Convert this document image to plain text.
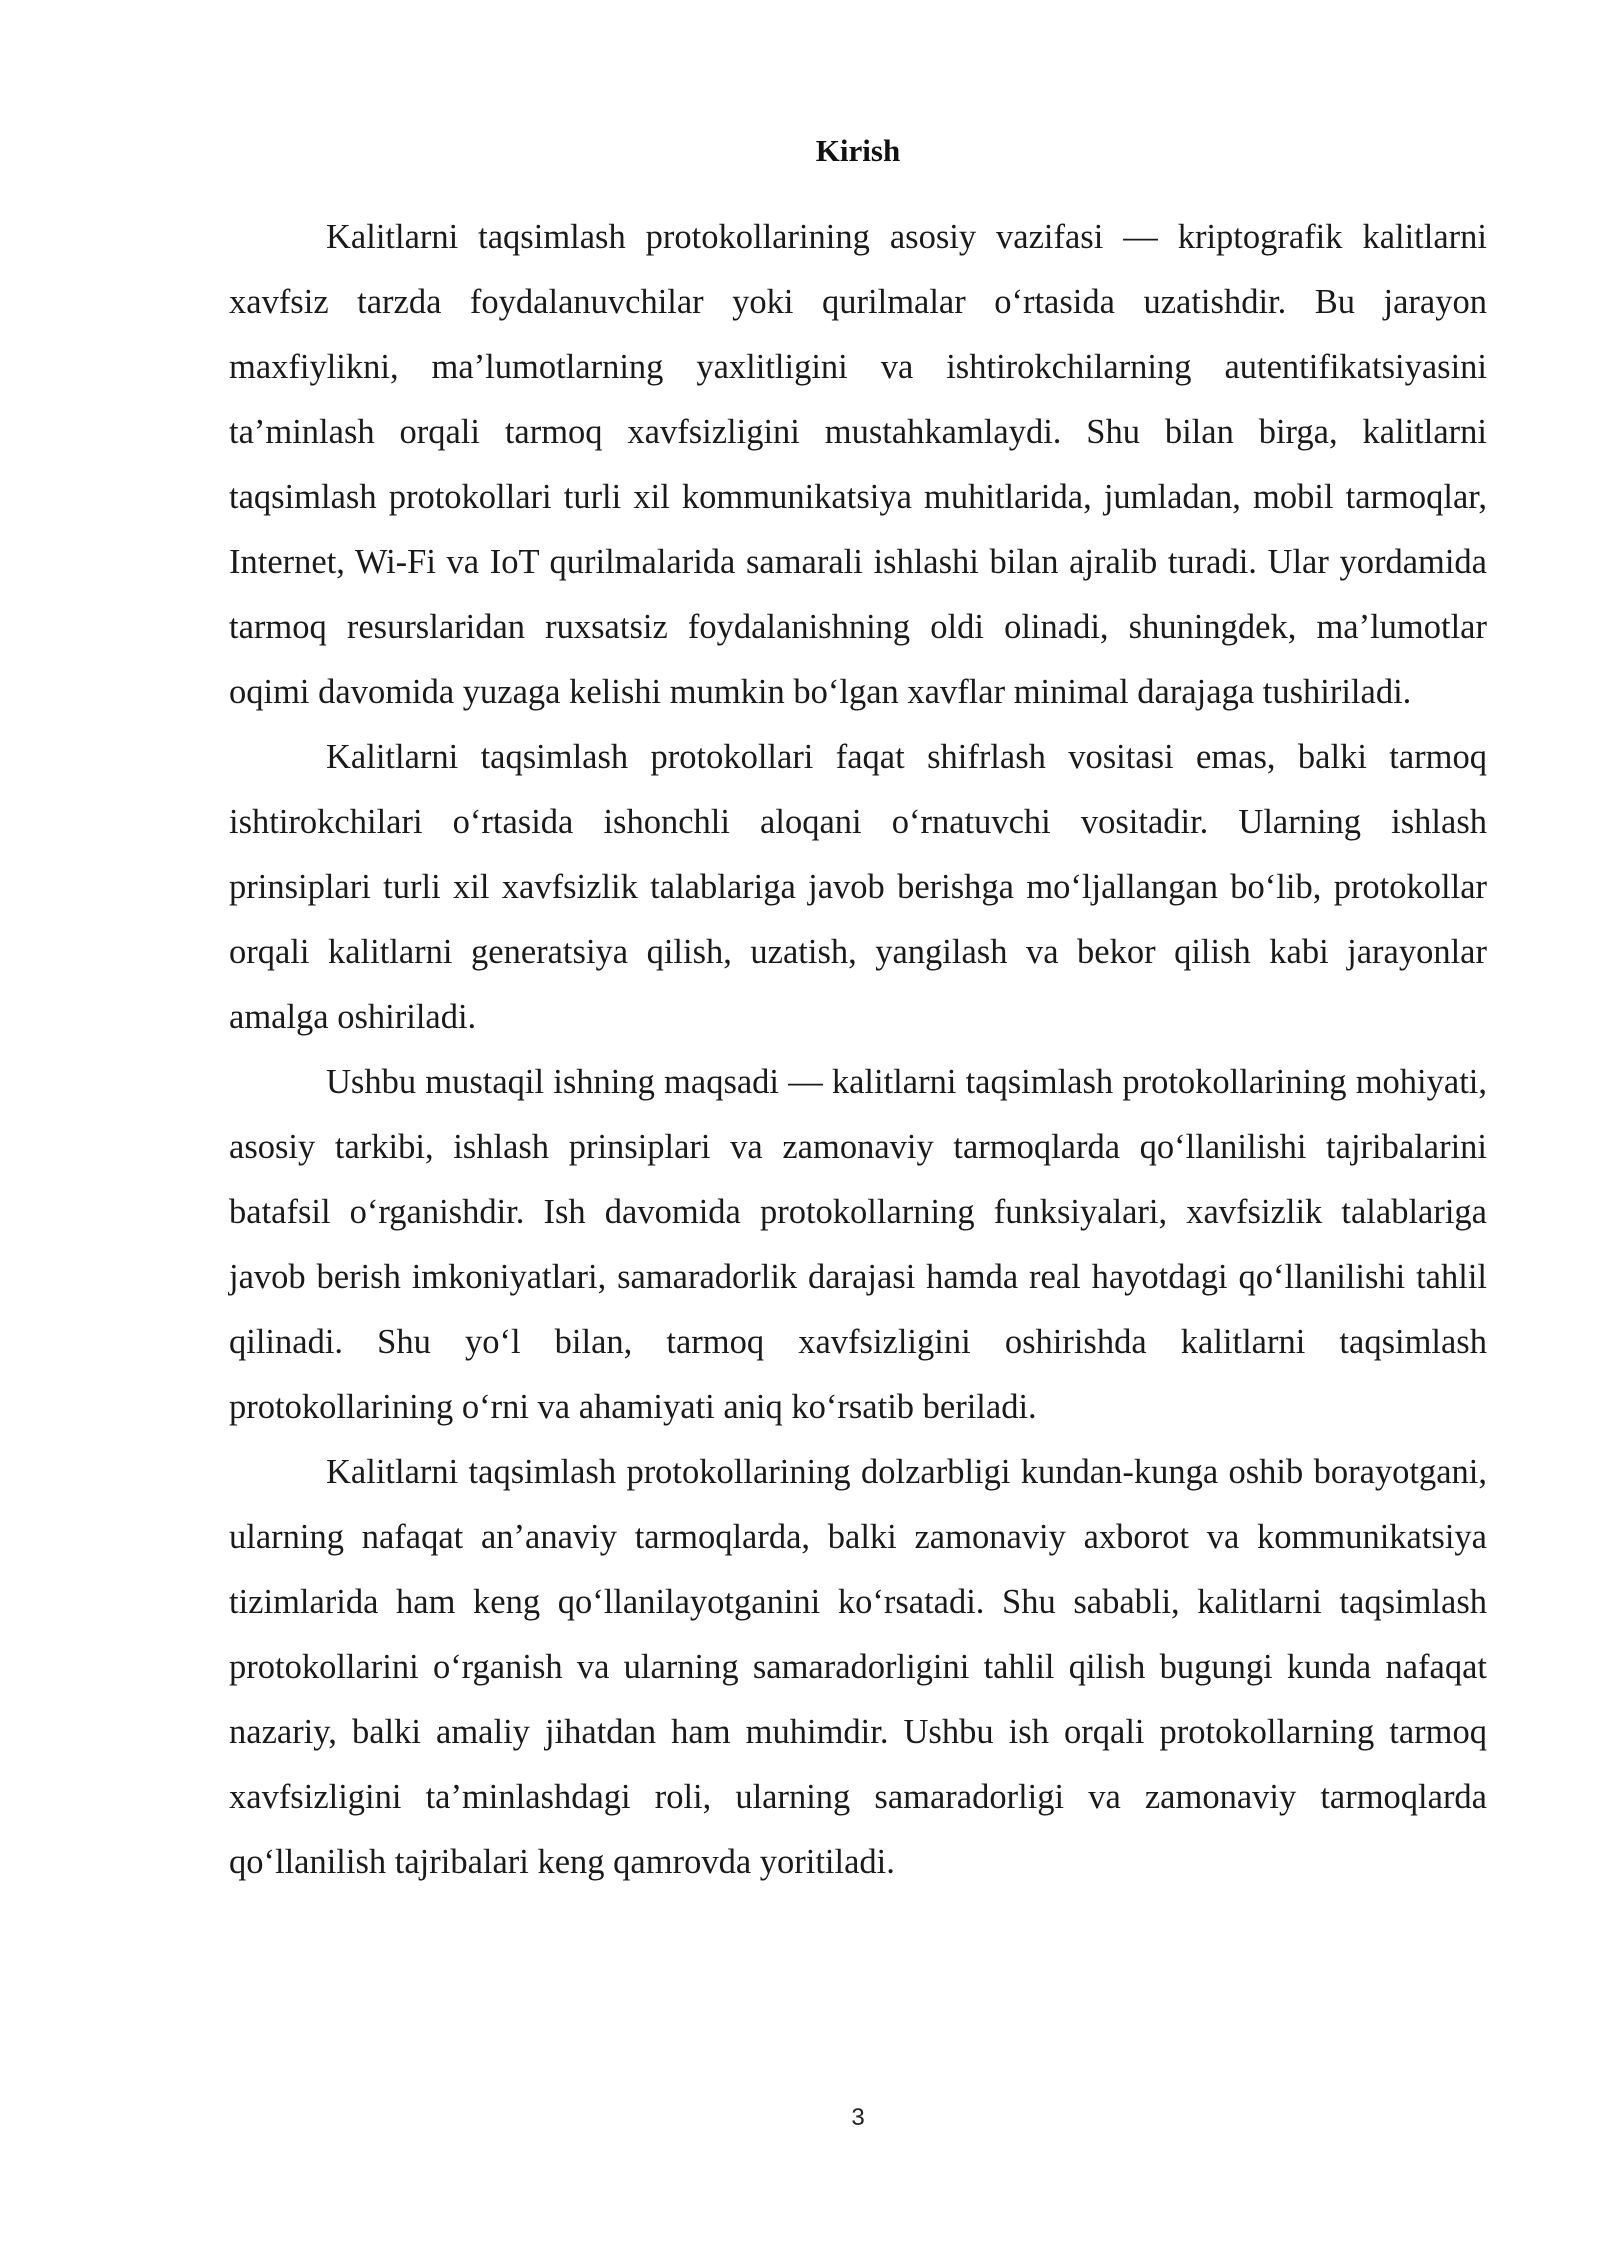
Kirish

Kalitlarni taqsimlash protokollarining asosiy vazifasi — kriptografik kalitlarni xavfsiz tarzda foydalanuvchilar yoki qurilmalar o‘rtasida uzatishdir. Bu jarayon maxfiylikni, ma’lumotlarning yaxlitligini va ishtirokchilarning autentifikatsiyasini ta’minlash orqali tarmoq xavfsizligini mustahkamlaydi. Shu bilan birga, kalitlarni taqsimlash protokollari turli xil kommunikatsiya muhitlarida, jumladan, mobil tarmoqlar, Internet, Wi-Fi va IoT qurilmalarida samarali ishlashi bilan ajralib turadi. Ular yordamida tarmoq resurslaridan ruxsatsiz foydalanishning oldi olinadi, shuningdek, ma’lumotlar oqimi davomida yuzaga kelishi mumkin bo‘lgan xavflar minimal darajaga tushiriladi.

Kalitlarni taqsimlash protokollari faqat shifrlash vositasi emas, balki tarmoq ishtirokchilari o‘rtasida ishonchli aloqani o‘rnatuvchi vositadir. Ularning ishlash prinsiplari turli xil xavfsizlik talablariga javob berishga mo‘ljallangan bo‘lib, protokollar orqali kalitlarni generatsiya qilish, uzatish, yangilash va bekor qilish kabi jarayonlar amalga oshiriladi.

Ushbu mustaqil ishning maqsadi — kalitlarni taqsimlash protokollarining mohiyati, asosiy tarkibi, ishlash prinsiplari va zamonaviy tarmoqlarda qo‘llanilishi tajribalarini batafsil o‘rganishdir. Ish davomida protokollarning funksiyalari, xavfsizlik talablariga javob berish imkoniyatlari, samaradorlik darajasi hamda real hayotdagi qo‘llanilishi tahlil qilinadi. Shu yo‘l bilan, tarmoq xavfsizligini oshirishda kalitlarni taqsimlash protokollarining o‘rni va ahamiyati aniq ko‘rsatib beriladi.

Kalitlarni taqsimlash protokollarining dolzarbligi kundan-kunga oshib borayotgani, ularning nafaqat an’anaviy tarmoqlarda, balki zamonaviy axborot va kommunikatsiya tizimlarida ham keng qo‘llanilayotganini ko‘rsatadi. Shu sababli, kalitlarni taqsimlash protokollarini o‘rganish va ularning samaradorligini tahlil qilish bugungi kunda nafaqat nazariy, balki amaliy jihatdan ham muhimdir. Ushbu ish orqali protokollarning tarmoq xavfsizligini ta’minlashdagi roli, ularning samaradorligi va zamonaviy tarmoqlarda qo‘llanilish tajribalari keng qamrovda yoritiladi.

3
